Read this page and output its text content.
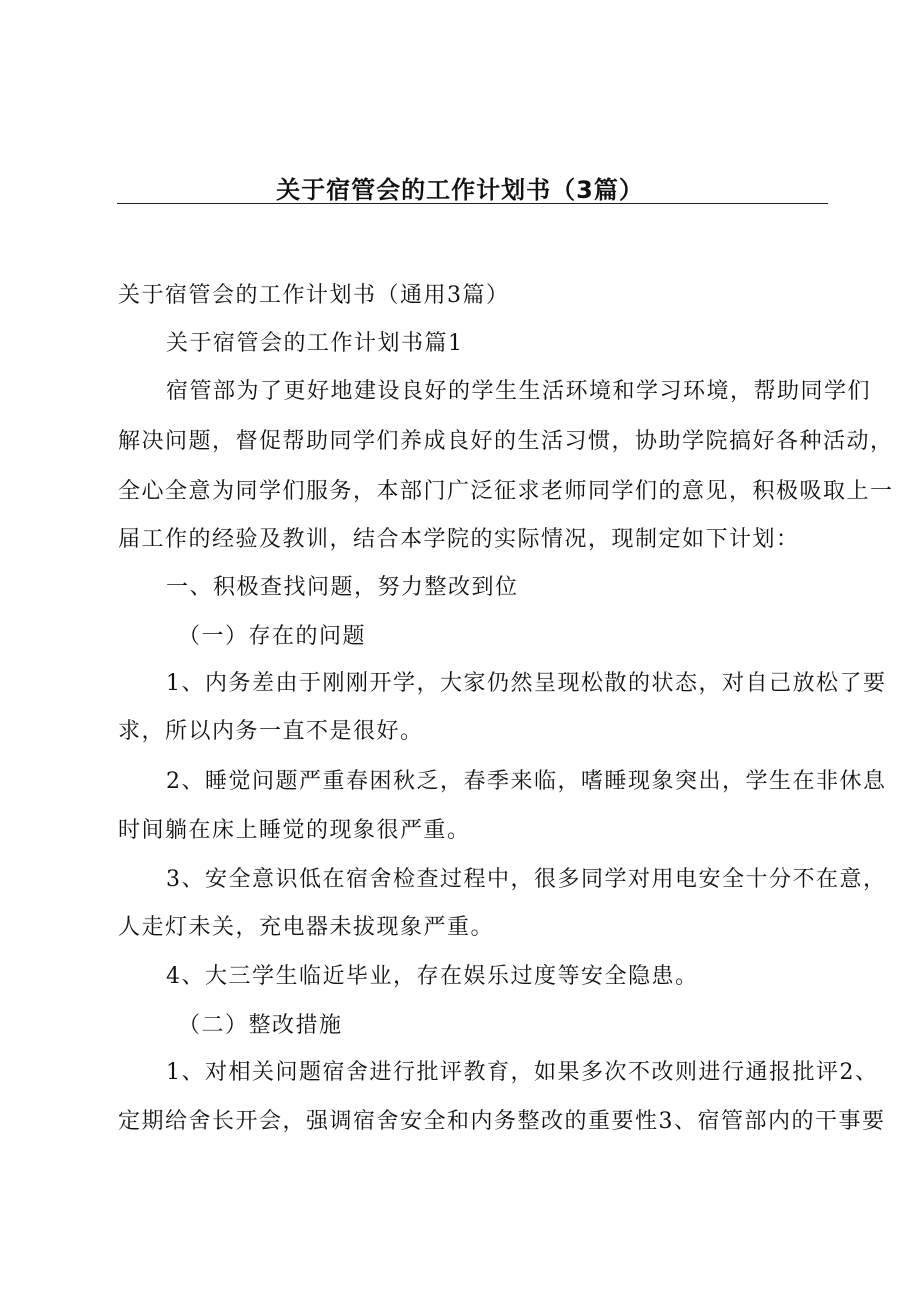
关于宿管会的工作计划书（3篇）

关于宿管会的工作计划书（通用3篇）

关于宿管会的工作计划书篇1

宿管部为了更好地建设良好的学生生活环境和学习环境，帮助同学们

解决问题，督促帮助同学们养成良好的生活习惯，协助学院搞好各种活动，

全心全意为同学们服务，本部门广泛征求老师同学们的意见，积极吸取上一

届工作的经验及教训，结合本学院的实际情况，现制定如下计划：

一、积极查找问题，努力整改到位

（一）存在的问题

1、内务差由于刚刚开学，大家仍然呈现松散的状态，对自己放松了要

求，所以内务一直不是很好。

2、睡觉问题严重春困秋乏，春季来临，嗜睡现象突出，学生在非休息

时间躺在床上睡觉的现象很严重。

3、安全意识低在宿舍检查过程中，很多同学对用电安全十分不在意，

人走灯未关，充电器未拔现象严重。

4、大三学生临近毕业，存在娱乐过度等安全隐患。

（二）整改措施

1、对相关问题宿舍进行批评教育，如果多次不改则进行通报批评2、

定期给舍长开会，强调宿舍安全和内务整改的重要性3、宿管部内的干事要
